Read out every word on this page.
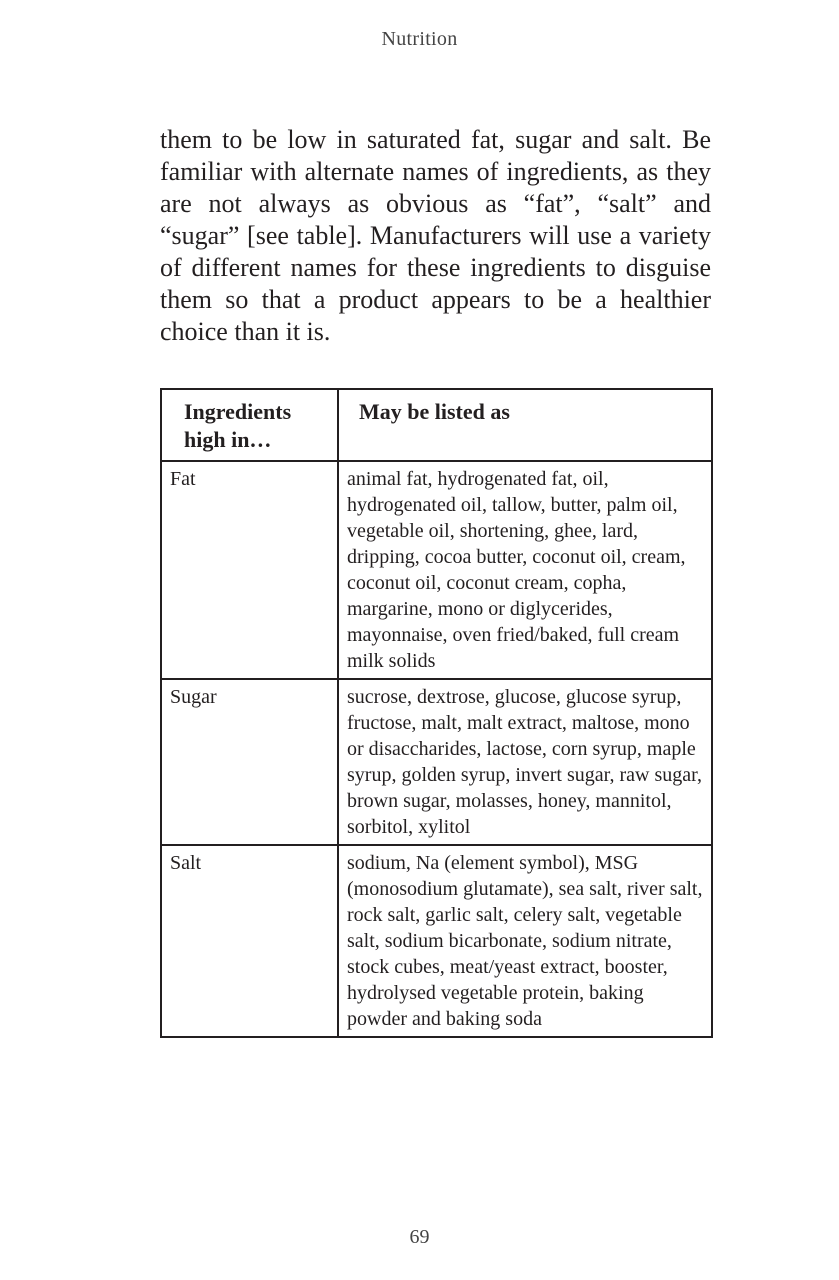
Nutrition

them to be low in saturated fat, sugar and salt. Be familiar with alternate names of ingredients, as they are not always as obvious as “fat”, “salt” and “sugar” [see table]. Manufacturers will use a variety of different names for these ingredients to disguise them so that a product appears to be a healthier choice than it is.

Ingredients high in…	May be listed as
Fat	animal fat, hydrogenated fat, oil, hydrogenated oil, tallow, butter, palm oil, vegetable oil, shortening, ghee, lard, dripping, cocoa butter, coconut oil, cream, coconut oil, coconut cream, copha, margarine, mono or diglycerides, mayonnaise, oven fried/baked, full cream milk solids
Sugar	sucrose, dextrose, glucose, glucose syrup, fructose, malt, malt extract, maltose, mono or disaccharides, lactose, corn syrup, maple syrup, golden syrup, invert sugar, raw sugar, brown sugar, molasses, honey, mannitol, sorbitol, xylitol
Salt	sodium, Na (element symbol), MSG (monosodium glutamate), sea salt, river salt, rock salt, garlic salt, celery salt, vegetable salt, sodium bicarbonate, sodium nitrate, stock cubes, meat/yeast extract, booster, hydrolysed vegetable protein, baking powder and baking soda
69
